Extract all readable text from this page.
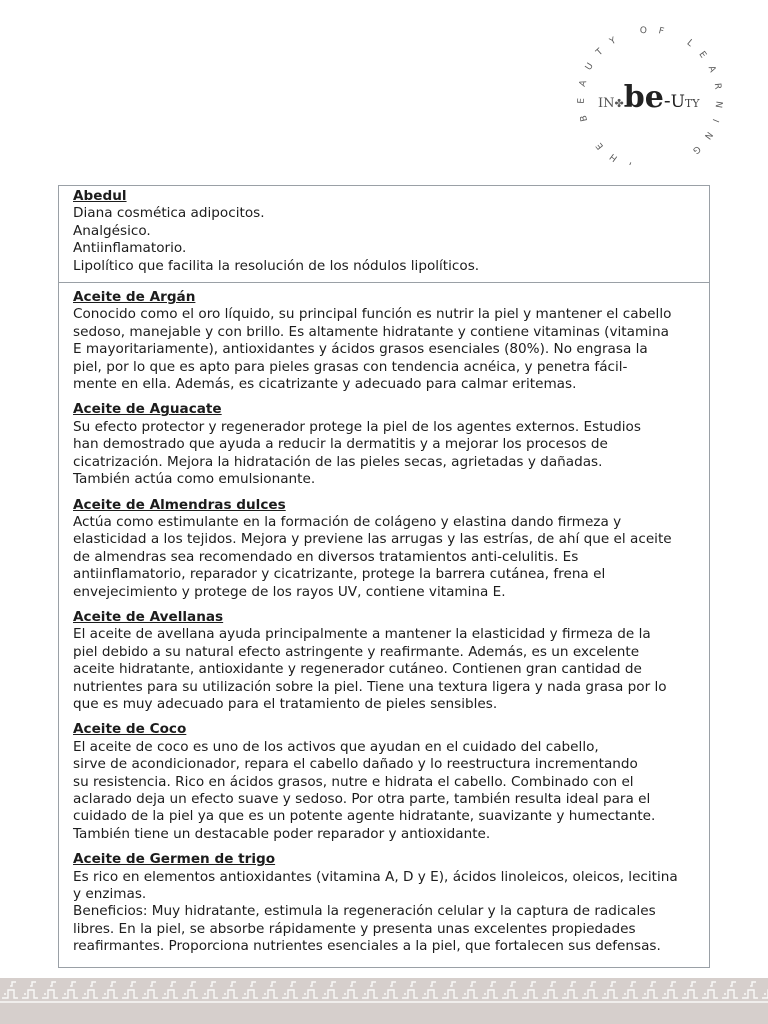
THE BEAUTY OF LEARNING
IN✤be-UTY
Abedul
Diana cosmética adipocitos.
Analgésico.
Antiinflamatorio.
Lipolítico que facilita la resolución de los nódulos lipolíticos.
Aceite de Argán
Conocido como el oro líquido, su principal función es nutrir la piel y mantener el cabello
sedoso, manejable y con brillo. Es altamente hidratante y contiene vitaminas (vitamina
E mayoritariamente), antioxidantes y ácidos grasos esenciales (80%). No engrasa la
piel, por lo que es apto para pieles grasas con tendencia acnéica, y penetra fácil-
mente en ella. Además, es cicatrizante y adecuado para calmar eritemas.
Aceite de Aguacate
Su efecto protector y regenerador protege la piel de los agentes externos. Estudios
han demostrado que ayuda a reducir la dermatitis y a mejorar los procesos de
cicatrización. Mejora la hidratación de las pieles secas, agrietadas y dañadas.
También actúa como emulsionante.
Aceite de Almendras dulces
Actúa como estimulante en la formación de colágeno y elastina dando firmeza y
elasticidad a los tejidos. Mejora y previene las arrugas y las estrías, de ahí que el aceite
de almendras sea recomendado en diversos tratamientos anti-celulitis. Es
antiinflamatorio, reparador y cicatrizante, protege la barrera cutánea, frena el
envejecimiento y protege de los rayos UV, contiene vitamina E.
Aceite de Avellanas
El aceite de avellana ayuda principalmente a mantener la elasticidad y firmeza de la
piel debido a su natural efecto astringente y reafirmante. Además, es un excelente
aceite hidratante, antioxidante y regenerador cutáneo. Contienen gran cantidad de
nutrientes para su utilización sobre la piel. Tiene una textura ligera y nada grasa por lo
que es muy adecuado para el tratamiento de pieles sensibles.
Aceite de Coco
El aceite de coco es uno de los activos que ayudan en el cuidado del cabello,
sirve de acondicionador, repara el cabello dañado y lo reestructura incrementando
su resistencia. Rico en ácidos grasos, nutre e hidrata el cabello. Combinado con el
aclarado deja un efecto suave y sedoso. Por otra parte, también resulta ideal para el
cuidado de la piel ya que es un potente agente hidratante, suavizante y humectante.
También tiene un destacable poder reparador y antioxidante.
Aceite de Germen de trigo
Es rico en elementos antioxidantes (vitamina A, D y E), ácidos linoleicos, oleicos, lecitina
y enzimas.
Beneficios: Muy hidratante, estimula la regeneración celular y la captura de radicales
libres. En la piel, se absorbe rápidamente y presenta unas excelentes propiedades
reafirmantes. Proporciona nutrientes esenciales a la piel, que fortalecen sus defensas.
